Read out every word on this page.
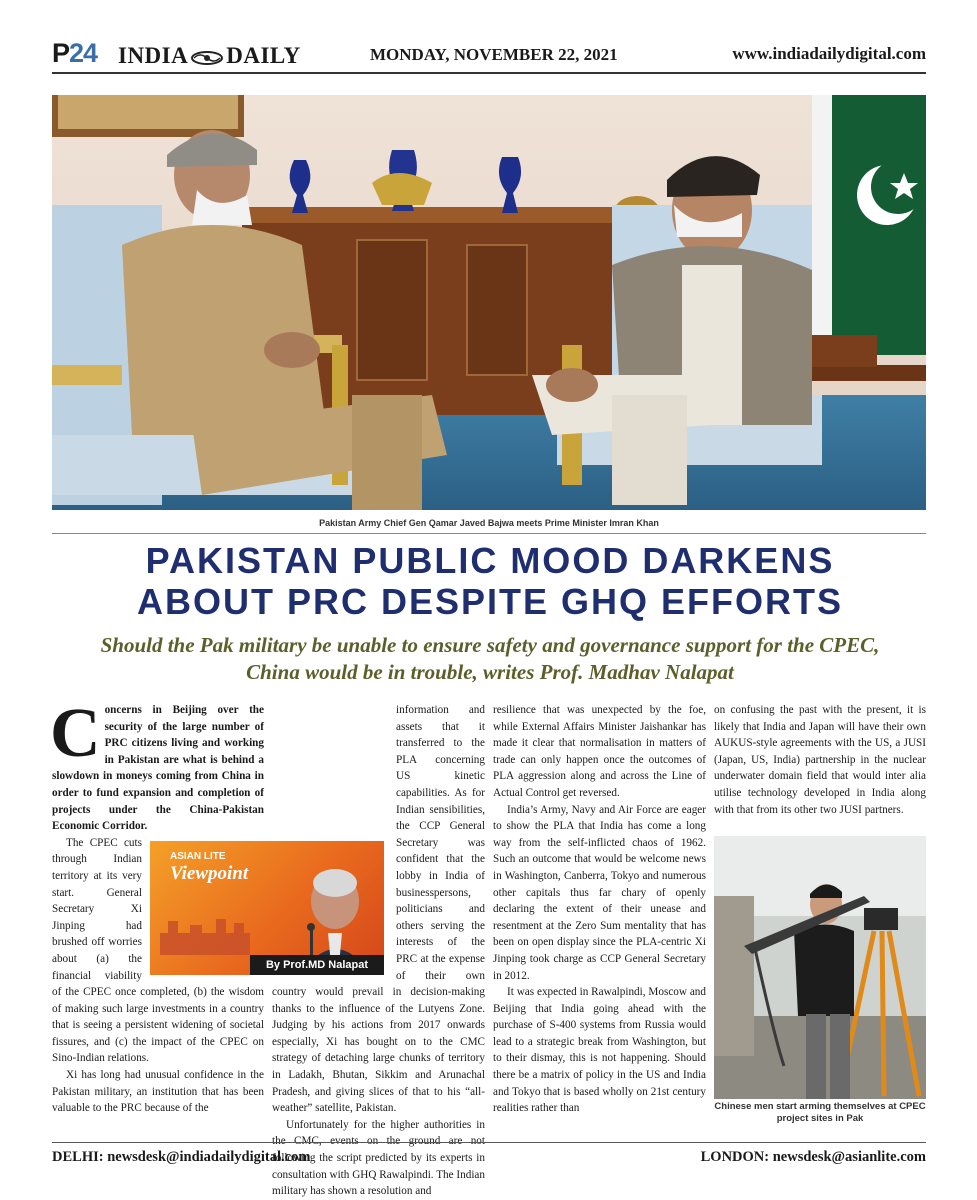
P24 INDIA DAILY	MONDAY, NOVEMBER 22, 2021	www.indiadailydigital.com
Pakistan Army Chief Gen Qamar Javed Bajwa meets Prime Minister Imran Khan
PAKISTAN PUBLIC MOOD DARKENS
ABOUT PRC DESPITE GHQ EFFORTS
Should the Pak military be unable to ensure safety and governance support for the CPEC,
China would be in trouble, writes Prof. Madhav Nalapat

Concerns in Beijing over the security of the large number of PRC citizens living and working in Pakistan are what is behind a slowdown in moneys coming from China in order to fund expansion and completion of projects under the China-Pakistan Economic Corridor.

The CPEC cuts through Indian territory at its very start. General Secretary Xi Jinping had brushed off worries about (a) the financial viability of the CPEC once completed, (b) the wisdom of making such large investments in a country that is seeing a persistent widening of societal fissures, and (c) the impact of the CPEC on Sino-Indian relations.

Xi has long had unusual confidence in the Pakistan military, an institution that has been valuable to the PRC because of the

information and assets that it transferred to the PLA concerning US kinetic capabilities. As for Indian sensibilities, the CCP General Secretary was confident that the lobby in India of businesspersons, politicians and others serving the interests of the PRC at the expense of their own country would prevail in decision-making thanks to the influence of the Lutyens Zone. Judging by his actions from 2017 onwards especially, Xi has bought on to the CMC strategy of detaching large chunks of territory in Ladakh, Bhutan, Sikkim and Arunachal Pradesh, and giving slices of that to his “all-weather” satellite, Pakistan.

Unfortunately for the higher authorities in following the script predicted by its experts in consultation with GHQ Rawalpindi. The Indian military has shown a resolution and

ASIAN LITE
Viewpoint
By Prof.MD Nalapat

resilience that was unexpected by the foe, while External Affairs Minister Jaishankar has made it clear that normalisation in matters of trade can only happen once the outcomes of PLA aggression along and across the Line of Actual Control get reversed.

India’s Army, Navy and Air Force are eager to show the PLA that India has come a long way from the self-inflicted chaos of 1962. Such an outcome that would be welcome news in Washington, Canberra, Tokyo and numerous other capitals thus far chary of openly declaring the extent of their unease and resentment at the Zero Sum mentality that has been on open display since the PLA-centric Xi Jinping took charge as CCP General Secretary in 2012.

It was expected in Rawalpindi, Moscow and Beijing that India going ahead with the purchase of S-400 systems from Russia would lead to a strategic break from Washington, but to their dismay, this is not happening. Should there be a matrix of policy in the US and India and Tokyo that is based wholly on 21st century realities rather than

on confusing the past with the present, it is likely that India and Japan will have their own AUKUS-style agreements with the US, a JUSI (Japan, US, India) partnership in the nuclear underwater domain field that would inter alia utilise technology developed in India along with that from its other two JUSI partners.

Chinese men start arming themselves at CPEC project sites in Pak
DELHI: newsdesk@indiadailydigital.com	LONDON: newsdesk@asianlite.com
